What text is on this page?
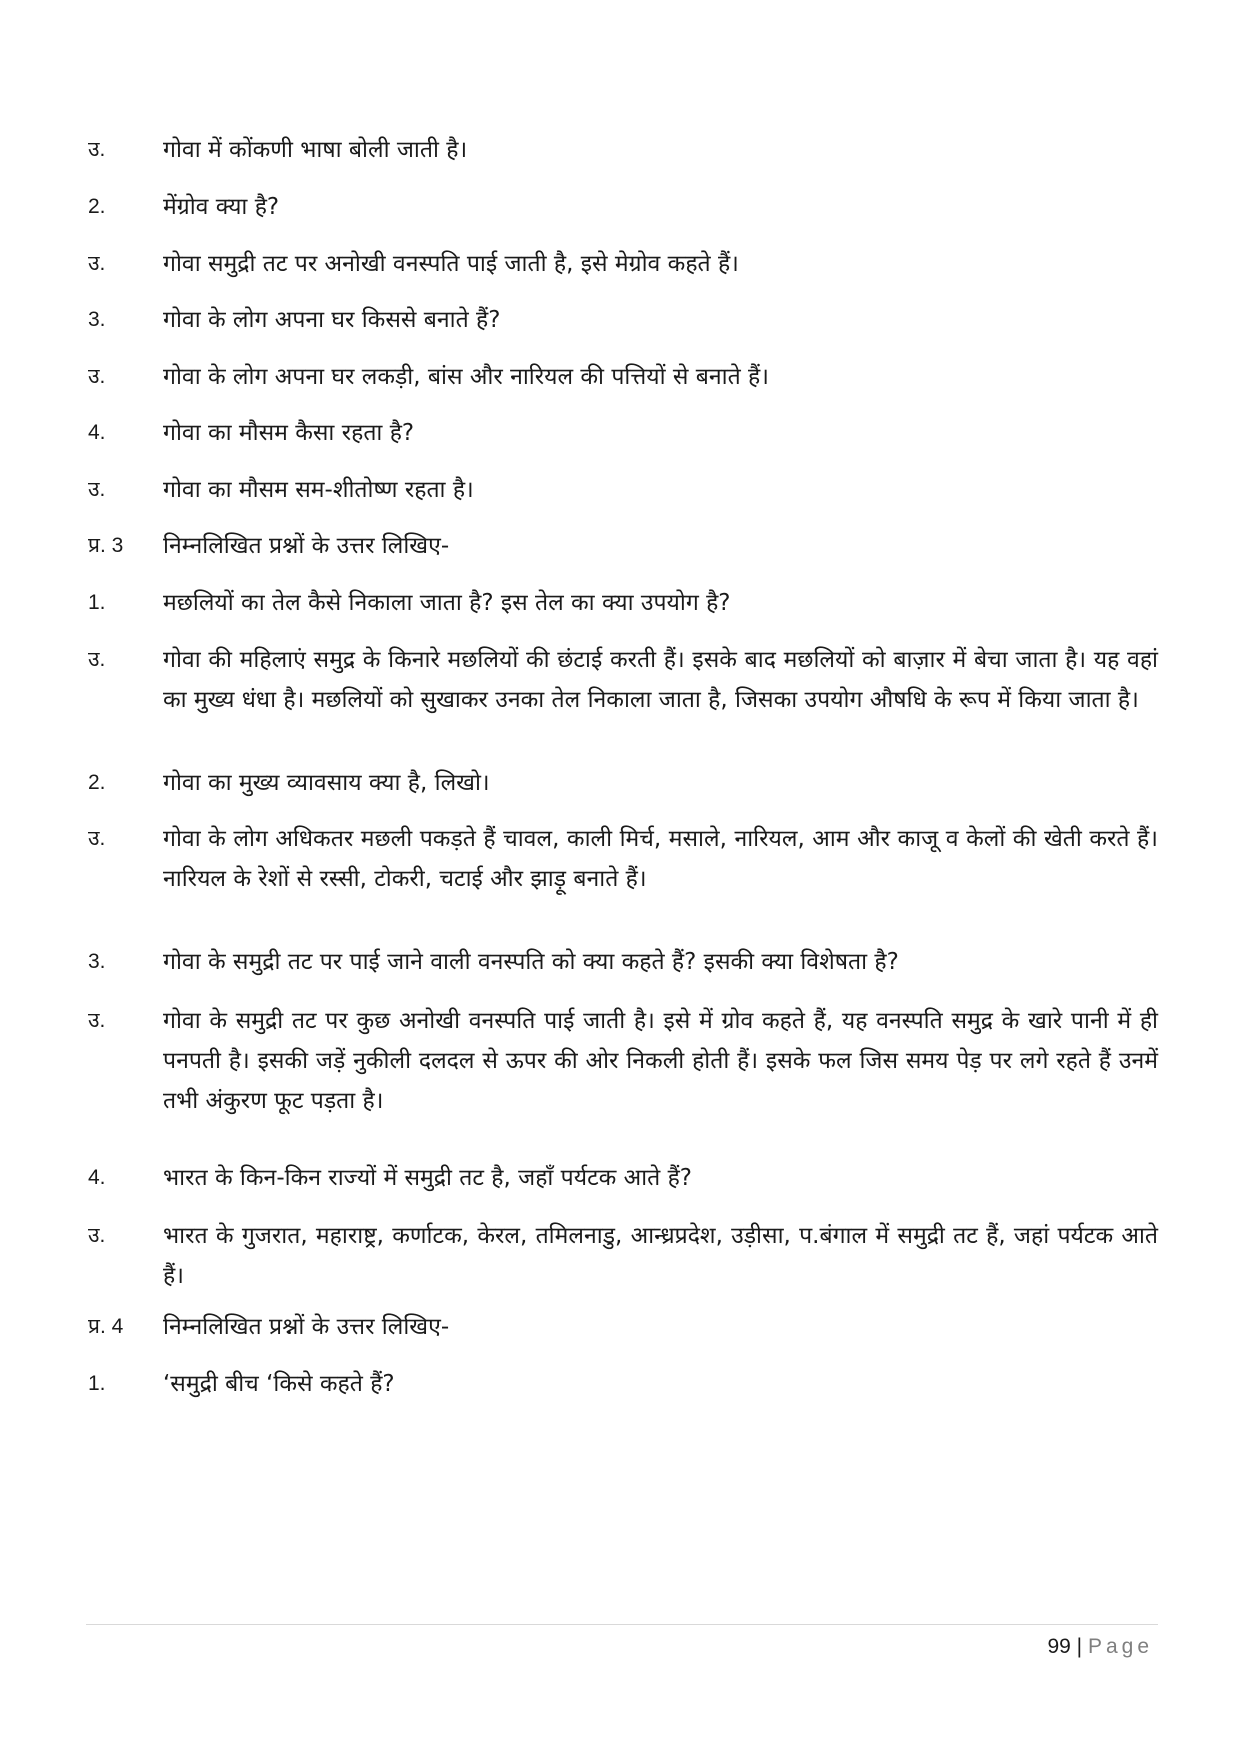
उ.	गोवा में कोंकणी भाषा बोली जाती है।
2.	मेंग्रोव क्या है?
उ.	गोवा समुद्री तट पर अनोखी वनस्पति पाई जाती है, इसे मेग्रोव कहते हैं।
3.	गोवा के लोग अपना घर किससे बनाते हैं?
उ.	गोवा के लोग अपना घर लकड़ी, बांस और नारियल की पत्तियों से बनाते हैं।
4.	गोवा का मौसम कैसा रहता है?
उ.	गोवा का मौसम सम-शीतोष्ण रहता है।
प्र. 3	निम्नलिखित प्रश्नों के उत्तर लिखिए-
1.	मछलियों का तेल कैसे निकाला जाता है? इस तेल का क्या उपयोग है?
उ.	गोवा की महिलाएं समुद्र के किनारे मछलियों की छंटाई करती हैं। इसके बाद मछलियों को बाज़ार में बेचा जाता है। यह वहां का मुख्य धंधा है। मछलियों को सुखाकर उनका तेल निकाला जाता है, जिसका उपयोग औषधि के रूप में किया जाता है।
2.	गोवा का मुख्य व्यावसाय क्या है, लिखो।
उ.	गोवा के लोग अधिकतर मछली पकड़ते हैं चावल, काली मिर्च, मसाले, नारियल, आम और काजू व केलों की खेती करते हैं। नारियल के रेशों से रस्सी, टोकरी, चटाई और झाड़ू बनाते हैं।
3.	गोवा के समुद्री तट पर पाई जाने वाली वनस्पति को क्या कहते हैं? इसकी क्या विशेषता है?
उ.	गोवा के समुद्री तट पर कुछ अनोखी वनस्पति पाई जाती है। इसे में ग्रोव कहते हैं, यह वनस्पति समुद्र के खारे पानी में ही पनपती है। इसकी जड़ें नुकीली दलदल से ऊपर की ओर निकली होती हैं। इसके फल जिस समय पेड़ पर लगे रहते हैं उनमें तभी अंकुरण फूट पड़ता है।
4.	भारत के किन-किन राज्यों में समुद्री तट है, जहाँ पर्यटक आते हैं?
उ.	भारत के गुजरात, महाराष्ट्र, कर्णाटक, केरल, तमिलनाडु, आन्ध्रप्रदेश, उड़ीसा, प.बंगाल में समुद्री तट हैं, जहां पर्यटक आते हैं।
प्र. 4	निम्नलिखित प्रश्नों के उत्तर लिखिए-
1.	‘समुद्री बीच ‘किसे कहते हैं?
99 | Page
